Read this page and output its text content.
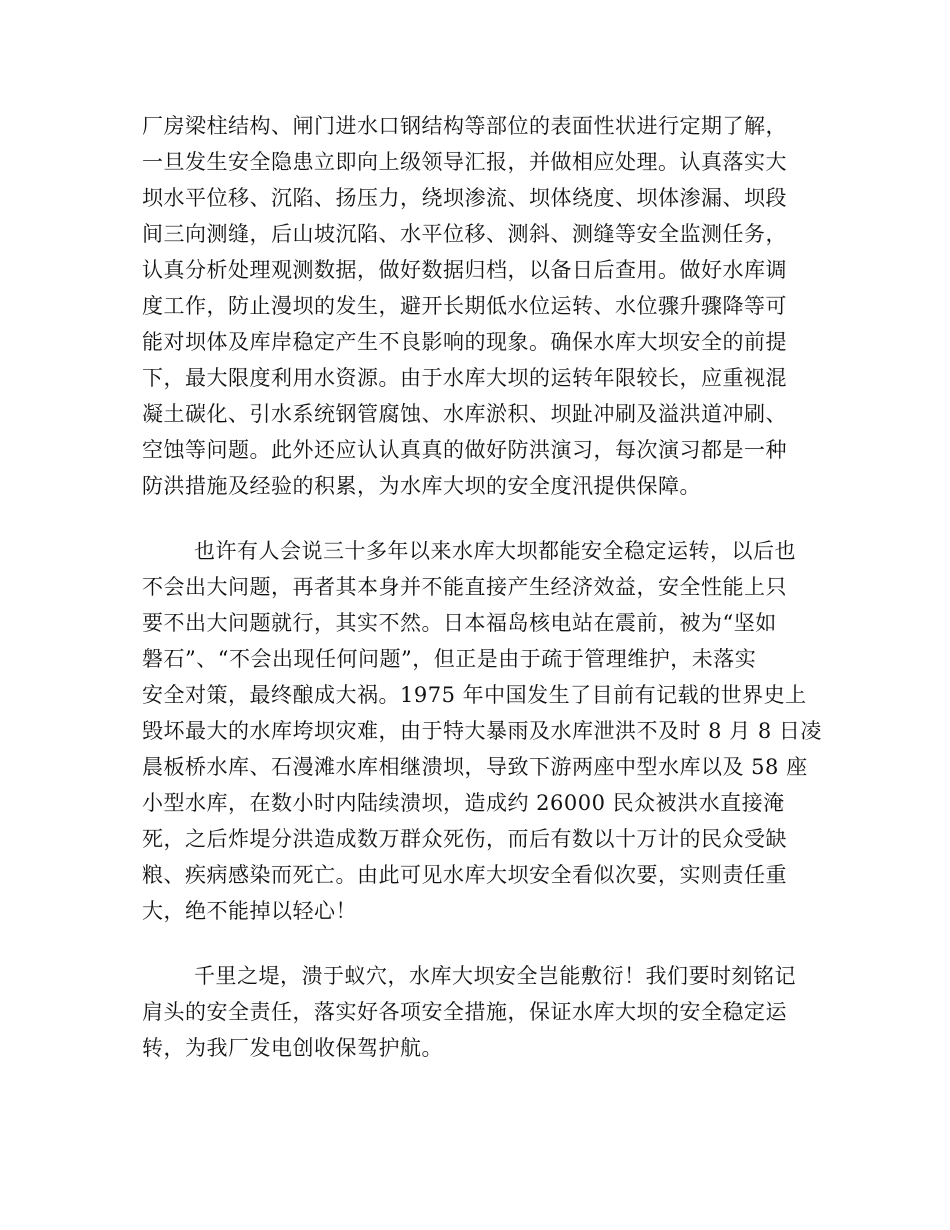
厂房梁柱结构、闸门进水口钢结构等部位的表面性状进行定期了解，
一旦发生安全隐患立即向上级领导汇报，并做相应处理。认真落实大
坝水平位移、沉陷、扬压力，绕坝渗流、坝体绕度、坝体渗漏、坝段
间三向测缝，后山坡沉陷、水平位移、测斜、测缝等安全监测任务，
认真分析处理观测数据，做好数据归档，以备日后查用。做好水库调
度工作，防止漫坝的发生，避开长期低水位运转、水位骤升骤降等可
能对坝体及库岸稳定产生不良影响的现象。确保水库大坝安全的前提
下，最大限度利用水资源。由于水库大坝的运转年限较长，应重视混
凝土碳化、引水系统钢管腐蚀、水库淤积、坝趾冲刷及溢洪道冲刷、
空蚀等问题。此外还应认认真真的做好防洪演习，每次演习都是一种
防洪措施及经验的积累，为水库大坝的安全度汛提供保障。
也许有人会说三十多年以来水库大坝都能安全稳定运转，以后也
不会出大问题，再者其本身并不能直接产生经济效益，安全性能上只
要不出大问题就行，其实不然。日本福岛核电站在震前，被为“坚如
磐石”、“不会出现任何问题”，但正是由于疏于管理维护，未落实
安全对策，最终酿成大祸。1975 年中国发生了目前有记载的世界史上
毁坏最大的水库垮坝灾难，由于特大暴雨及水库泄洪不及时 8 月 8 日凌
晨板桥水库、石漫滩水库相继溃坝，导致下游两座中型水库以及 58 座
小型水库，在数小时内陆续溃坝，造成约 26000 民众被洪水直接淹
死，之后炸堤分洪造成数万群众死伤，而后有数以十万计的民众受缺
粮、疾病感染而死亡。由此可见水库大坝安全看似次要，实则责任重
大，绝不能掉以轻心！
千里之堤，溃于蚁穴，水库大坝安全岂能敷衍！我们要时刻铭记
肩头的安全责任，落实好各项安全措施，保证水库大坝的安全稳定运
转，为我厂发电创收保驾护航。
